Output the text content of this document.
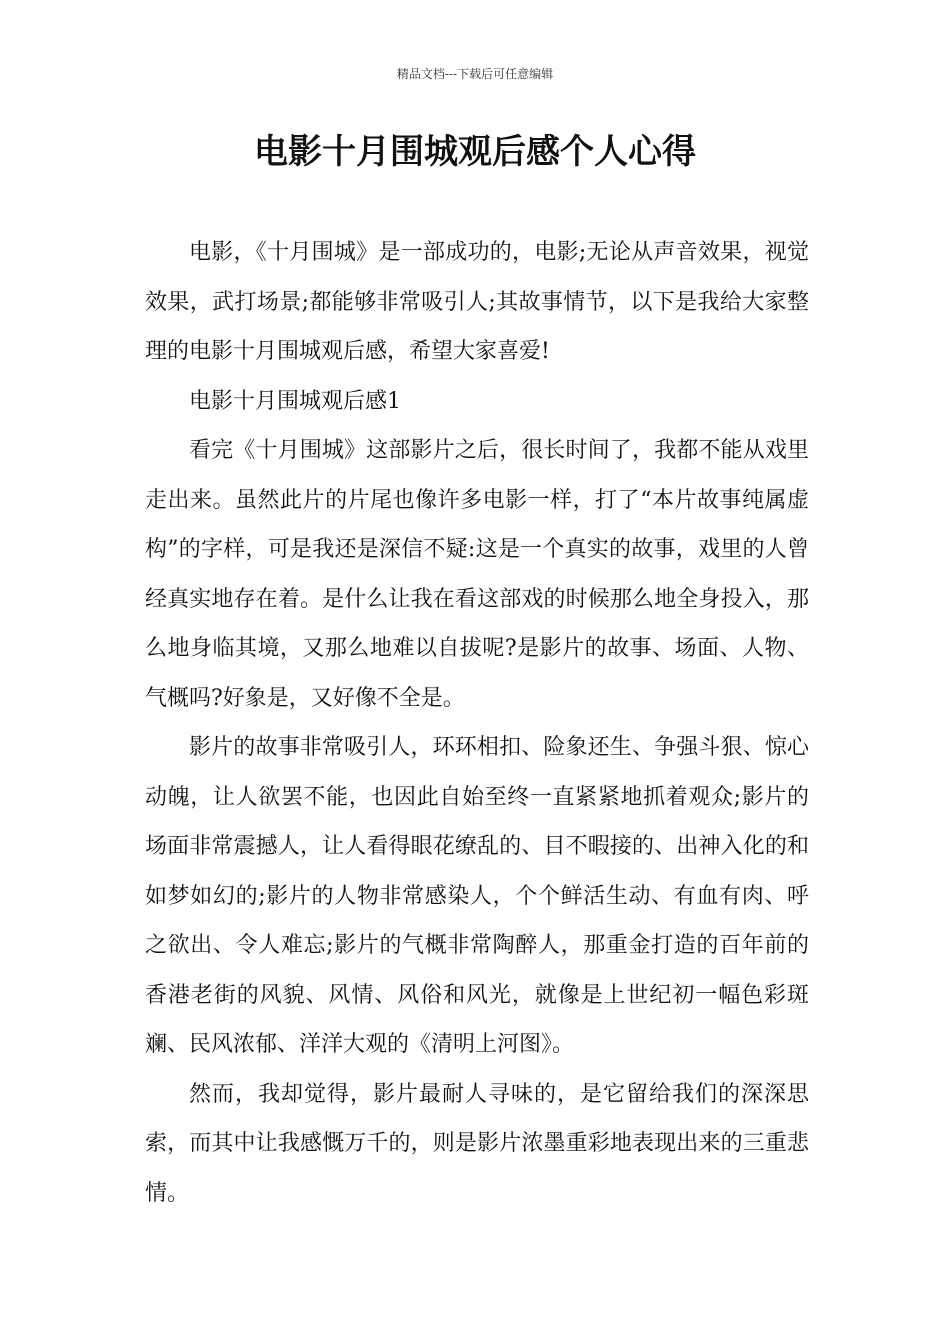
精品文档---下载后可任意编辑
电影十月围城观后感个人心得

电影，《十月围城》是一部成功的，电影;无论从声音效果，视觉效果，武打场景;都能够非常吸引人;其故事情节，以下是我给大家整理的电影十月围城观后感，希望大家喜爱!

电影十月围城观后感1

看完《十月围城》这部影片之后，很长时间了，我都不能从戏里走出来。虽然此片的片尾也像许多电影一样，打了“本片故事纯属虚构”的字样，可是我还是深信不疑:这是一个真实的故事，戏里的人曾经真实地存在着。是什么让我在看这部戏的时候那么地全身投入，那么地身临其境，又那么地难以自拔呢?是影片的故事、场面、人物、气概吗?好象是，又好像不全是。

影片的故事非常吸引人，环环相扣、险象还生、争强斗狠、惊心动魄，让人欲罢不能，也因此自始至终一直紧紧地抓着观众;影片的场面非常震撼人，让人看得眼花缭乱的、目不暇接的、出神入化的和如梦如幻的;影片的人物非常感染人，个个鲜活生动、有血有肉、呼之欲出、令人难忘;影片的气概非常陶醉人，那重金打造的百年前的香港老街的风貌、风情、风俗和风光，就像是上世纪初一幅色彩斑斓、民风浓郁、洋洋大观的《清明上河图》。

然而，我却觉得，影片最耐人寻味的，是它留给我们的深深思索，而其中让我感慨万千的，则是影片浓墨重彩地表现出来的三重悲情。
